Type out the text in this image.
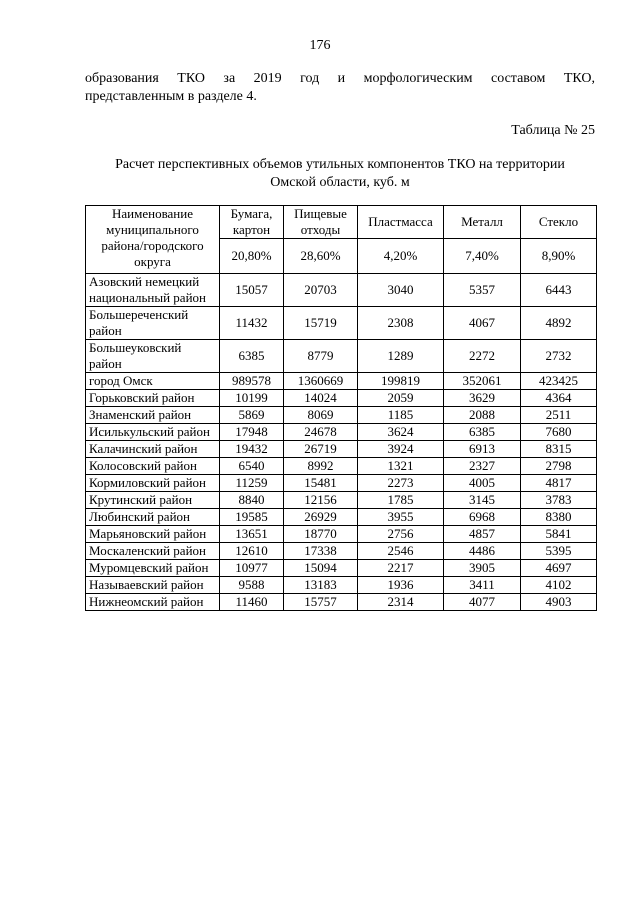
176
образования ТКО за 2019 год и морфологическим составом ТКО,
представленным в разделе 4.
Таблица № 25
Расчет перспективных объемов утильных компонентов ТКО на территории
Омской области, куб. м
Наименование муниципального района/городского округа	Бумага, картон	Пищевые отходы	Пластмасса	Металл	Стекло
	20,80%	28,60%	4,20%	7,40%	8,90%
Азовский немецкий национальный район	15057	20703	3040	5357	6443
Большереченский район	11432	15719	2308	4067	4892
Большеуковский район	6385	8779	1289	2272	2732
город Омск	989578	1360669	199819	352061	423425
Горьковский район	10199	14024	2059	3629	4364
Знаменский район	5869	8069	1185	2088	2511
Исилькульский район	17948	24678	3624	6385	7680
Калачинский район	19432	26719	3924	6913	8315
Колосовский район	6540	8992	1321	2327	2798
Кормиловский район	11259	15481	2273	4005	4817
Крутинский район	8840	12156	1785	3145	3783
Любинский район	19585	26929	3955	6968	8380
Марьяновский район	13651	18770	2756	4857	5841
Москаленский район	12610	17338	2546	4486	5395
Муромцевский район	10977	15094	2217	3905	4697
Называевский район	9588	13183	1936	3411	4102
Нижнеомский район	11460	15757	2314	4077	4903
